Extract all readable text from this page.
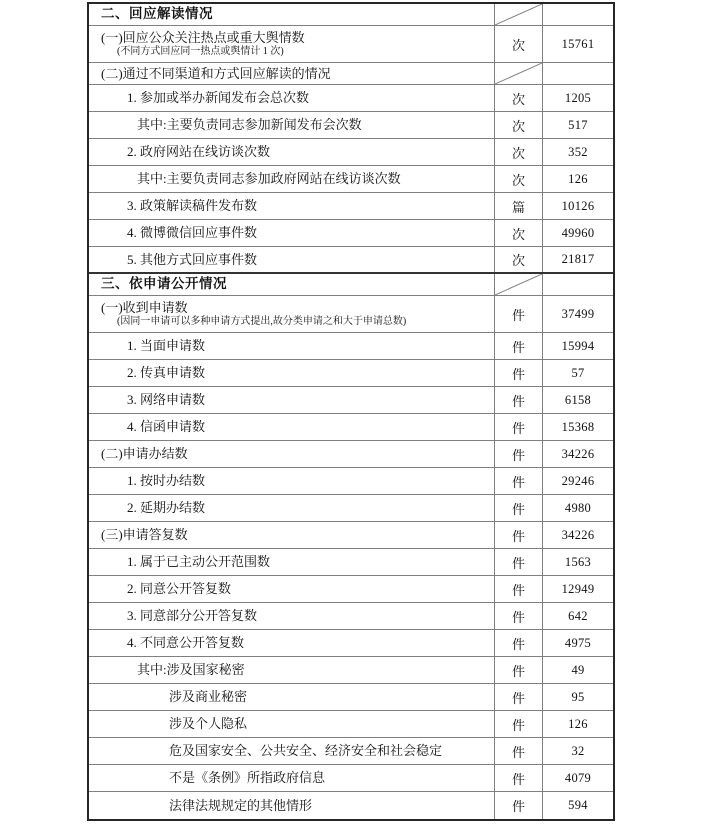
二、回应解读情况
(一)回应公众关注热点或重大舆情数
(不同方式回应同一热点或舆情计 1 次)	次	15761
(二)通过不同渠道和方式回应解读的情况
1. 参加或举办新闻发布会总次数	次	1205
其中:主要负责同志参加新闻发布会次数	次	517
2. 政府网站在线访谈次数	次	352
其中:主要负责同志参加政府网站在线访谈次数	次	126
3. 政策解读稿件发布数	篇	10126
4. 微博微信回应事件数	次	49960
5. 其他方式回应事件数	次	21817
三、依申请公开情况
(一)收到申请数
(因同一申请可以多种申请方式提出,故分类申请之和大于申请总数)	件	37499
1. 当面申请数	件	15994
2. 传真申请数	件	57
3. 网络申请数	件	6158
4. 信函申请数	件	15368
(二)申请办结数	件	34226
1. 按时办结数	件	29246
2. 延期办结数	件	4980
(三)申请答复数	件	34226
1. 属于已主动公开范围数	件	1563
2. 同意公开答复数	件	12949
3. 同意部分公开答复数	件	642
4. 不同意公开答复数	件	4975
其中:涉及国家秘密	件	49
涉及商业秘密	件	95
涉及个人隐私	件	126
危及国家安全、公共安全、经济安全和社会稳定	件	32
不是《条例》所指政府信息	件	4079
法律法规规定的其他情形	件	594
